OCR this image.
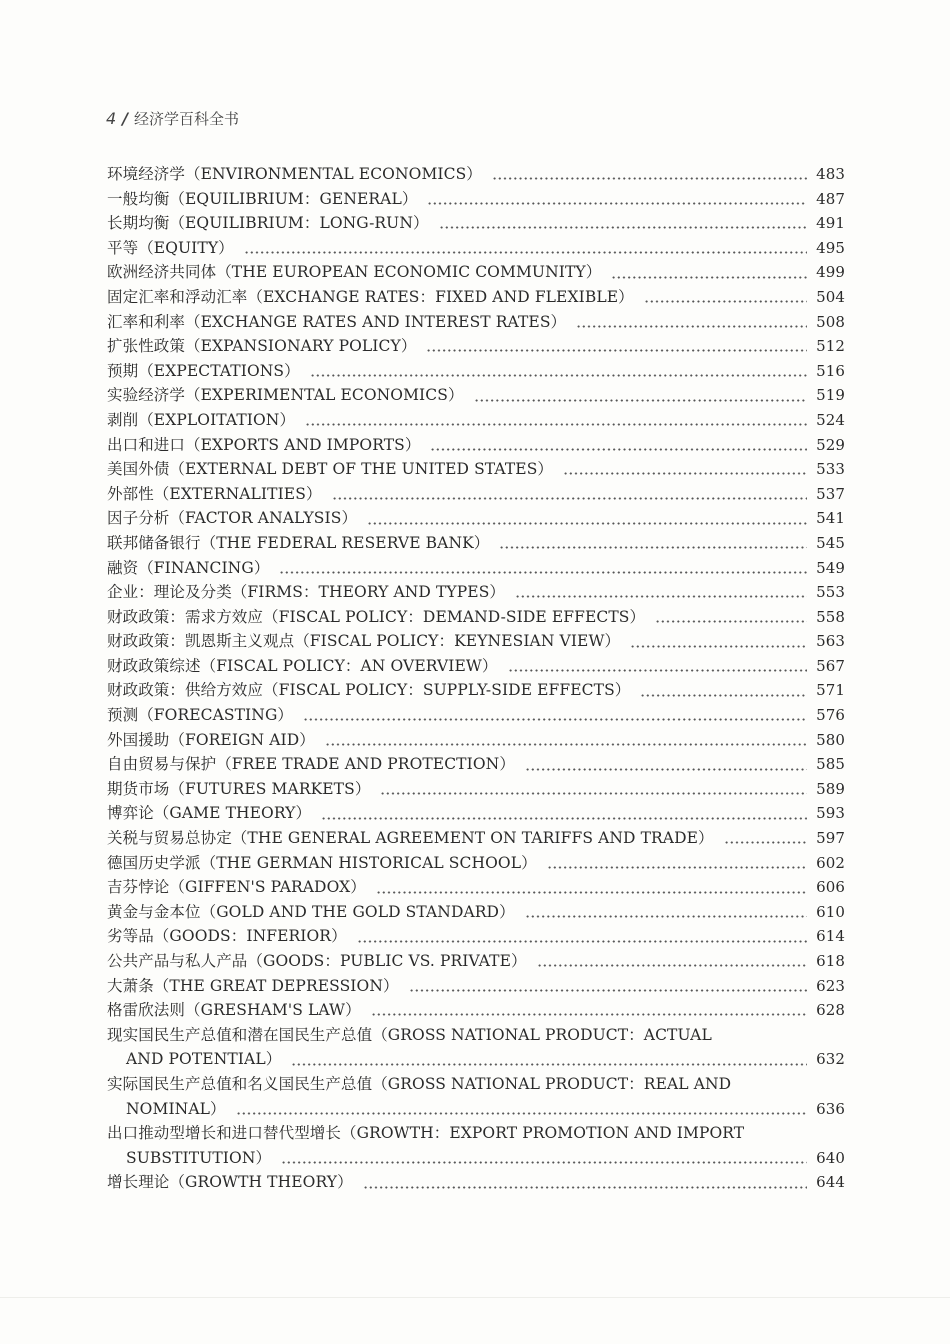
4 / 经济学百科全书
环境经济学（ENVIRONMENTAL ECONOMICS）	483
一般均衡（EQUILIBRIUM：GENERAL）	487
长期均衡（EQUILIBRIUM：LONG-RUN）	491
平等（EQUITY）	495
欧洲经济共同体（THE EUROPEAN ECONOMIC COMMUNITY）	499
固定汇率和浮动汇率（EXCHANGE RATES：FIXED AND FLEXIBLE）	504
汇率和利率（EXCHANGE RATES AND INTEREST RATES）	508
扩张性政策（EXPANSIONARY POLICY）	512
预期（EXPECTATIONS）	516
实验经济学（EXPERIMENTAL ECONOMICS）	519
剥削（EXPLOITATION）	524
出口和进口（EXPORTS AND IMPORTS）	529
美国外债（EXTERNAL DEBT OF THE UNITED STATES）	533
外部性（EXTERNALITIES）	537
因子分析（FACTOR ANALYSIS）	541
联邦储备银行（THE FEDERAL RESERVE BANK）	545
融资（FINANCING）	549
企业：理论及分类（FIRMS：THEORY AND TYPES）	553
财政政策：需求方效应（FISCAL POLICY：DEMAND-SIDE EFFECTS）	558
财政政策：凯恩斯主义观点（FISCAL POLICY：KEYNESIAN VIEW）	563
财政政策综述（FISCAL POLICY：AN OVERVIEW）	567
财政政策：供给方效应（FISCAL POLICY：SUPPLY-SIDE EFFECTS）	571
预测（FORECASTING）	576
外国援助（FOREIGN AID）	580
自由贸易与保护（FREE TRADE AND PROTECTION）	585
期货市场（FUTURES MARKETS）	589
博弈论（GAME THEORY）	593
关税与贸易总协定（THE GENERAL AGREEMENT ON TARIFFS AND TRADE）	597
德国历史学派（THE GERMAN HISTORICAL SCHOOL）	602
吉芬悖论（GIFFEN'S PARADOX）	606
黄金与金本位（GOLD AND THE GOLD STANDARD）	610
劣等品（GOODS：INFERIOR）	614
公共产品与私人产品（GOODS：PUBLIC VS. PRIVATE）	618
大萧条（THE GREAT DEPRESSION）	623
格雷欣法则（GRESHAM'S LAW）	628
现实国民生产总值和潜在国民生产总值（GROSS NATIONAL PRODUCT：ACTUAL
AND POTENTIAL）	632
实际国民生产总值和名义国民生产总值（GROSS NATIONAL PRODUCT：REAL AND
NOMINAL）	636
出口推动型增长和进口替代型增长（GROWTH：EXPORT PROMOTION AND IMPORT
SUBSTITUTION）	640
增长理论（GROWTH THEORY）	644
